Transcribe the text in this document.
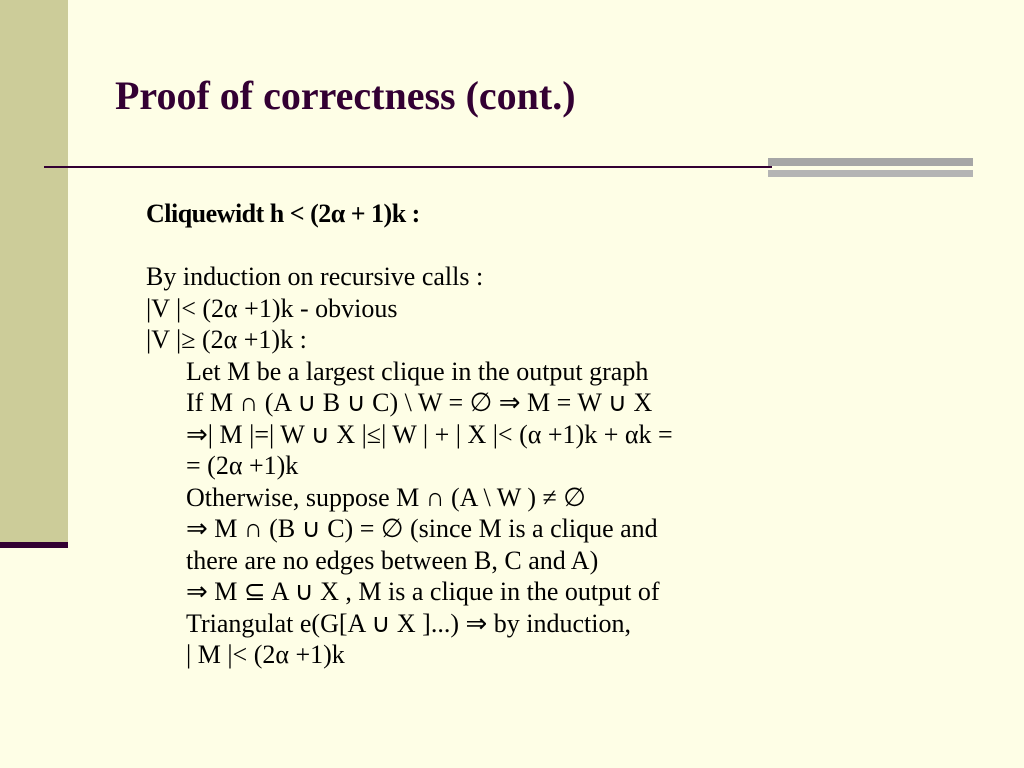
Proof of correctness (cont.)
Cliquewidt h < (2α + 1)k :
By induction on recursive calls :
|V |< (2α +1)k - obvious
|V |≥ (2α +1)k :
Let M be a largest clique in the output graph
If M ∩ (A ∪ B ∪ C) \ W = ∅ ⇒ M = W ∪ X
⇒| M |=| W ∪ X |≤| W | + | X |< (α +1)k + αk =
= (2α +1)k
Otherwise, suppose M ∩ (A \ W ) ≠ ∅
⇒ M ∩ (B ∪ C) = ∅ (since M is a clique and
there are no edges between B, C and A)
⇒ M ⊆ A ∪ X , M is a clique in the output of
Triangulat e(G[A ∪ X ]...) ⇒ by induction,
| M |< (2α +1)k
